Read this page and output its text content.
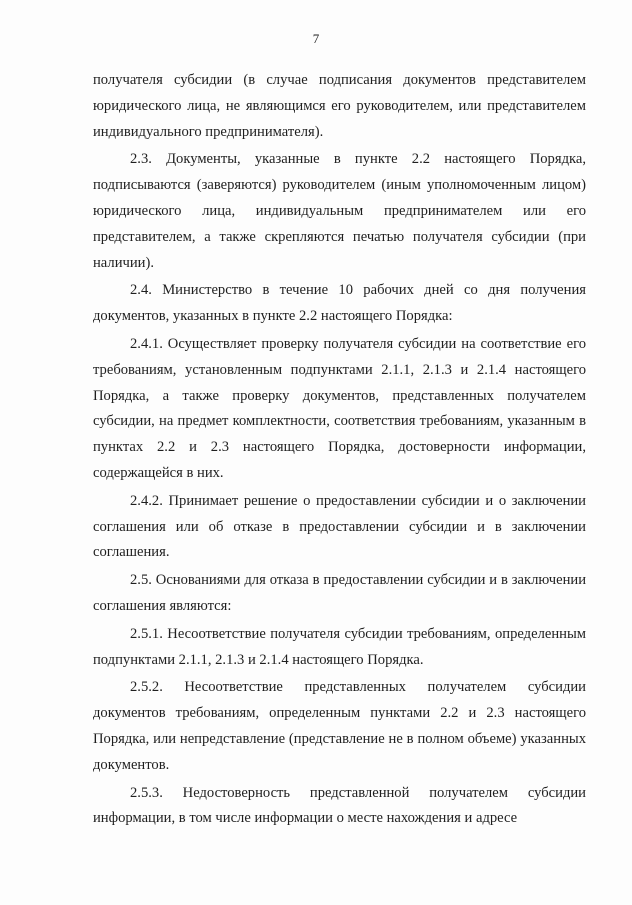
7

получателя субсидии (в случае подписания документов представителем юридического лица, не являющимся его руководителем, или представителем индивидуального предпринимателя).

2.3. Документы, указанные в пункте 2.2 настоящего Порядка, подписываются (заверяются) руководителем (иным уполномоченным лицом) юридического лица, индивидуальным предпринимателем или его представителем, а также скрепляются печатью получателя субсидии (при наличии).

2.4. Министерство в течение 10 рабочих дней со дня получения документов, указанных в пункте 2.2 настоящего Порядка:

2.4.1. Осуществляет проверку получателя субсидии на соответствие его требованиям, установленным подпунктами 2.1.1, 2.1.3 и 2.1.4 настоящего Порядка, а также проверку документов, представленных получателем субсидии, на предмет комплектности, соответствия требованиям, указанным в пунктах 2.2 и 2.3 настоящего Порядка, достоверности информации, содержащейся в них.

2.4.2. Принимает решение о предоставлении субсидии и о заключении соглашения или об отказе в предоставлении субсидии и в заключении соглашения.

2.5. Основаниями для отказа в предоставлении субсидии и в заключении соглашения являются:

2.5.1. Несоответствие получателя субсидии требованиям, определенным подпунктами 2.1.1, 2.1.3 и 2.1.4 настоящего Порядка.

2.5.2. Несоответствие представленных получателем субсидии документов требованиям, определенным пунктами 2.2 и 2.3 настоящего Порядка, или непредставление (представление не в полном объеме) указанных документов.

2.5.3. Недостоверность представленной получателем субсидии информации, в том числе информации о месте нахождения и адресе
